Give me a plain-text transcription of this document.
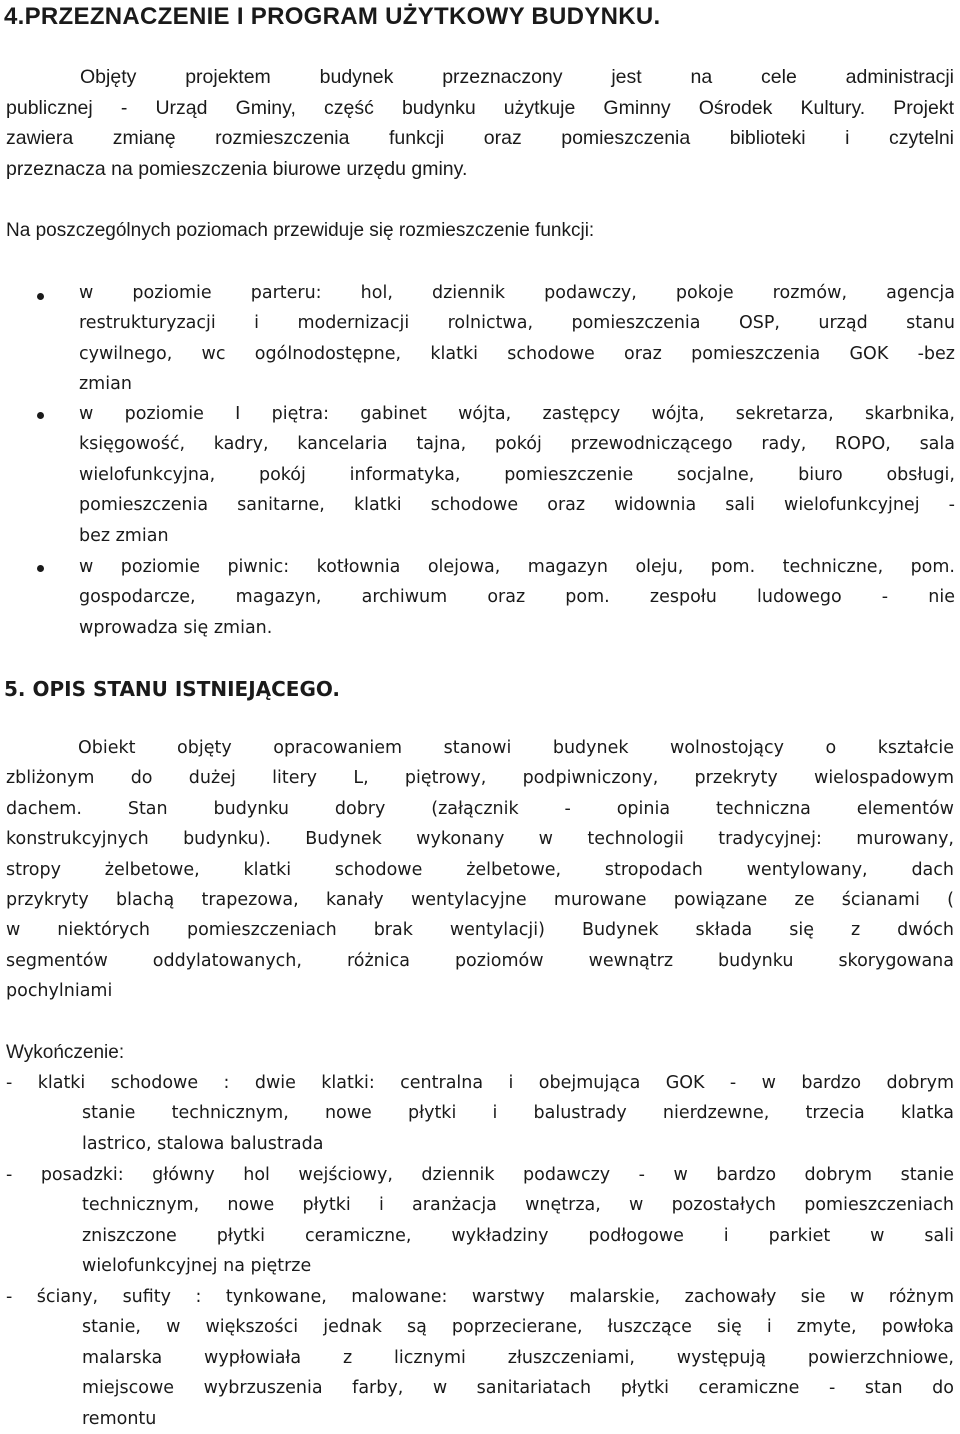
4.PRZEZNACZENIE I PROGRAM UŻYTKOWY BUDYNKU.
Objęty projektem budynek przeznaczony jest na cele administracji
publicznej - Urząd Gminy, część budynku użytkuje Gminny Ośrodek Kultury. Projekt
zawiera zmianę rozmieszczenia funkcji oraz pomieszczenia biblioteki i czytelni
przeznacza na pomieszczenia biurowe urzędu gminy.
Na poszczególnych poziomach przewiduje się rozmieszczenie funkcji:
w poziomie parteru: hol, dziennik podawczy, pokoje rozmów, agencja
restrukturyzacji i modernizacji rolnictwa, pomieszczenia OSP, urząd stanu
cywilnego, wc ogólnodostępne, klatki schodowe oraz pomieszczenia GOK -bez
zmian
w poziomie I piętra: gabinet wójta, zastępcy wójta, sekretarza, skarbnika,
księgowość, kadry, kancelaria tajna, pokój przewodniczącego rady, ROPO, sala
wielofunkcyjna, pokój informatyka, pomieszczenie socjalne, biuro obsługi,
pomieszczenia sanitarne, klatki schodowe oraz widownia sali wielofunkcyjnej -
bez zmian
w poziomie piwnic: kotłownia olejowa, magazyn oleju, pom. techniczne, pom.
gospodarcze, magazyn, archiwum oraz pom. zespołu ludowego - nie
wprowadza się zmian.
5. OPIS STANU ISTNIEJĄCEGO.
Obiekt objęty opracowaniem stanowi budynek wolnostojący o kształcie
zbliżonym do dużej litery L, piętrowy, podpiwniczony, przekryty wielospadowym
dachem. Stan budynku dobry (załącznik - opinia techniczna elementów
konstrukcyjnych budynku). Budynek wykonany w technologii tradycyjnej: murowany,
stropy żelbetowe, klatki schodowe żelbetowe, stropodach wentylowany, dach
przykryty blachą trapezowa, kanały wentylacyjne murowane powiązane ze ścianami (
w niektórych pomieszczeniach brak wentylacji) Budynek składa się z dwóch
segmentów oddylatowanych, różnica poziomów wewnątrz budynku skorygowana
pochylniami
Wykończenie:
- klatki schodowe : dwie klatki: centralna i obejmująca GOK - w bardzo dobrym
stanie technicznym, nowe płytki i balustrady nierdzewne, trzecia klatka
lastrico, stalowa balustrada
- posadzki: główny hol wejściowy, dziennik podawczy - w bardzo dobrym stanie
technicznym, nowe płytki i aranżacja wnętrza, w pozostałych pomieszczeniach
zniszczone płytki ceramiczne, wykładziny podłogowe i parkiet w sali
wielofunkcyjnej na piętrze
- ściany, sufity : tynkowane, malowane: warstwy malarskie, zachowały sie w różnym
stanie, w większości jednak są poprzecierane, łuszczące się i zmyte, powłoka
malarska wypłowiała z licznymi złuszczeniami, występują powierzchniowe,
miejscowe wybrzuszenia farby, w sanitariatach płytki ceramiczne - stan do
remontu
